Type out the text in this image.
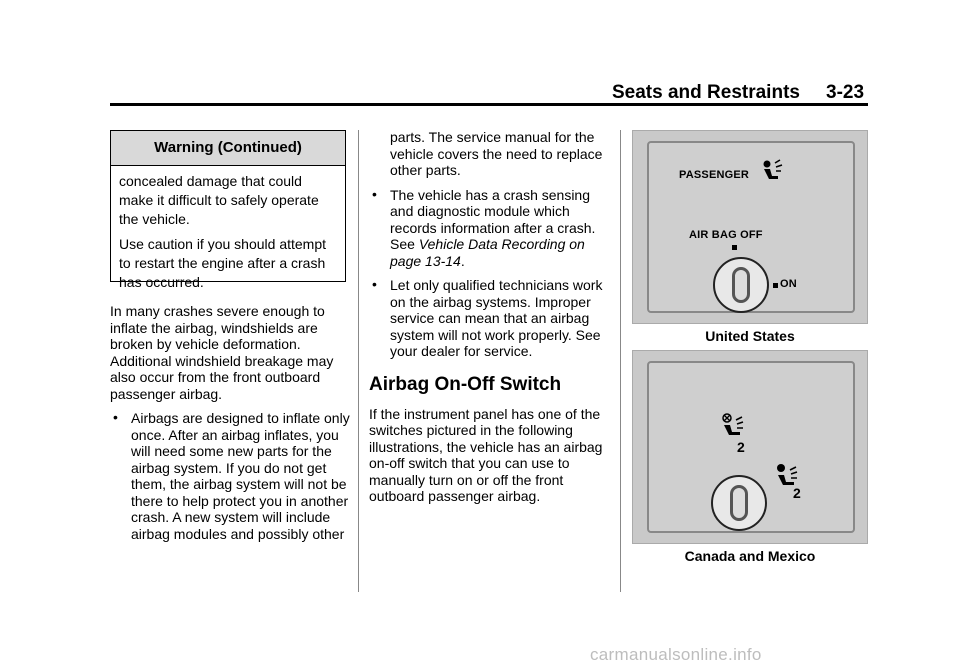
Seats and Restraints 3-23
Warning (Continued)

concealed damage that could make it difficult to safely operate the vehicle.

Use caution if you should attempt to restart the engine after a crash has occurred.

In many crashes severe enough to inflate the airbag, windshields are broken by vehicle deformation. Additional windshield breakage may also occur from the front outboard passenger airbag.

• Airbags are designed to inflate only once. After an airbag inflates, you will need some new parts for the airbag system. If you do not get them, the airbag system will not be there to help protect you in another crash. A new system will include airbag modules and possibly other

parts. The service manual for the vehicle covers the need to replace other parts.

• The vehicle has a crash sensing and diagnostic module which records information after a crash. See Vehicle Data Recording on page 13-14.
• Let only qualified technicians work on the airbag systems. Improper service can mean that an airbag system will not work properly. See your dealer for service.
Airbag On-Off Switch

If the instrument panel has one of the switches pictured in the following illustrations, the vehicle has an airbag on-off switch that you can use to manually turn on or off the front outboard passenger airbag.

PASSENGER
AIR BAG OFF
ON
United States
2
2
Canada and Mexico
carmanualsonline.info
